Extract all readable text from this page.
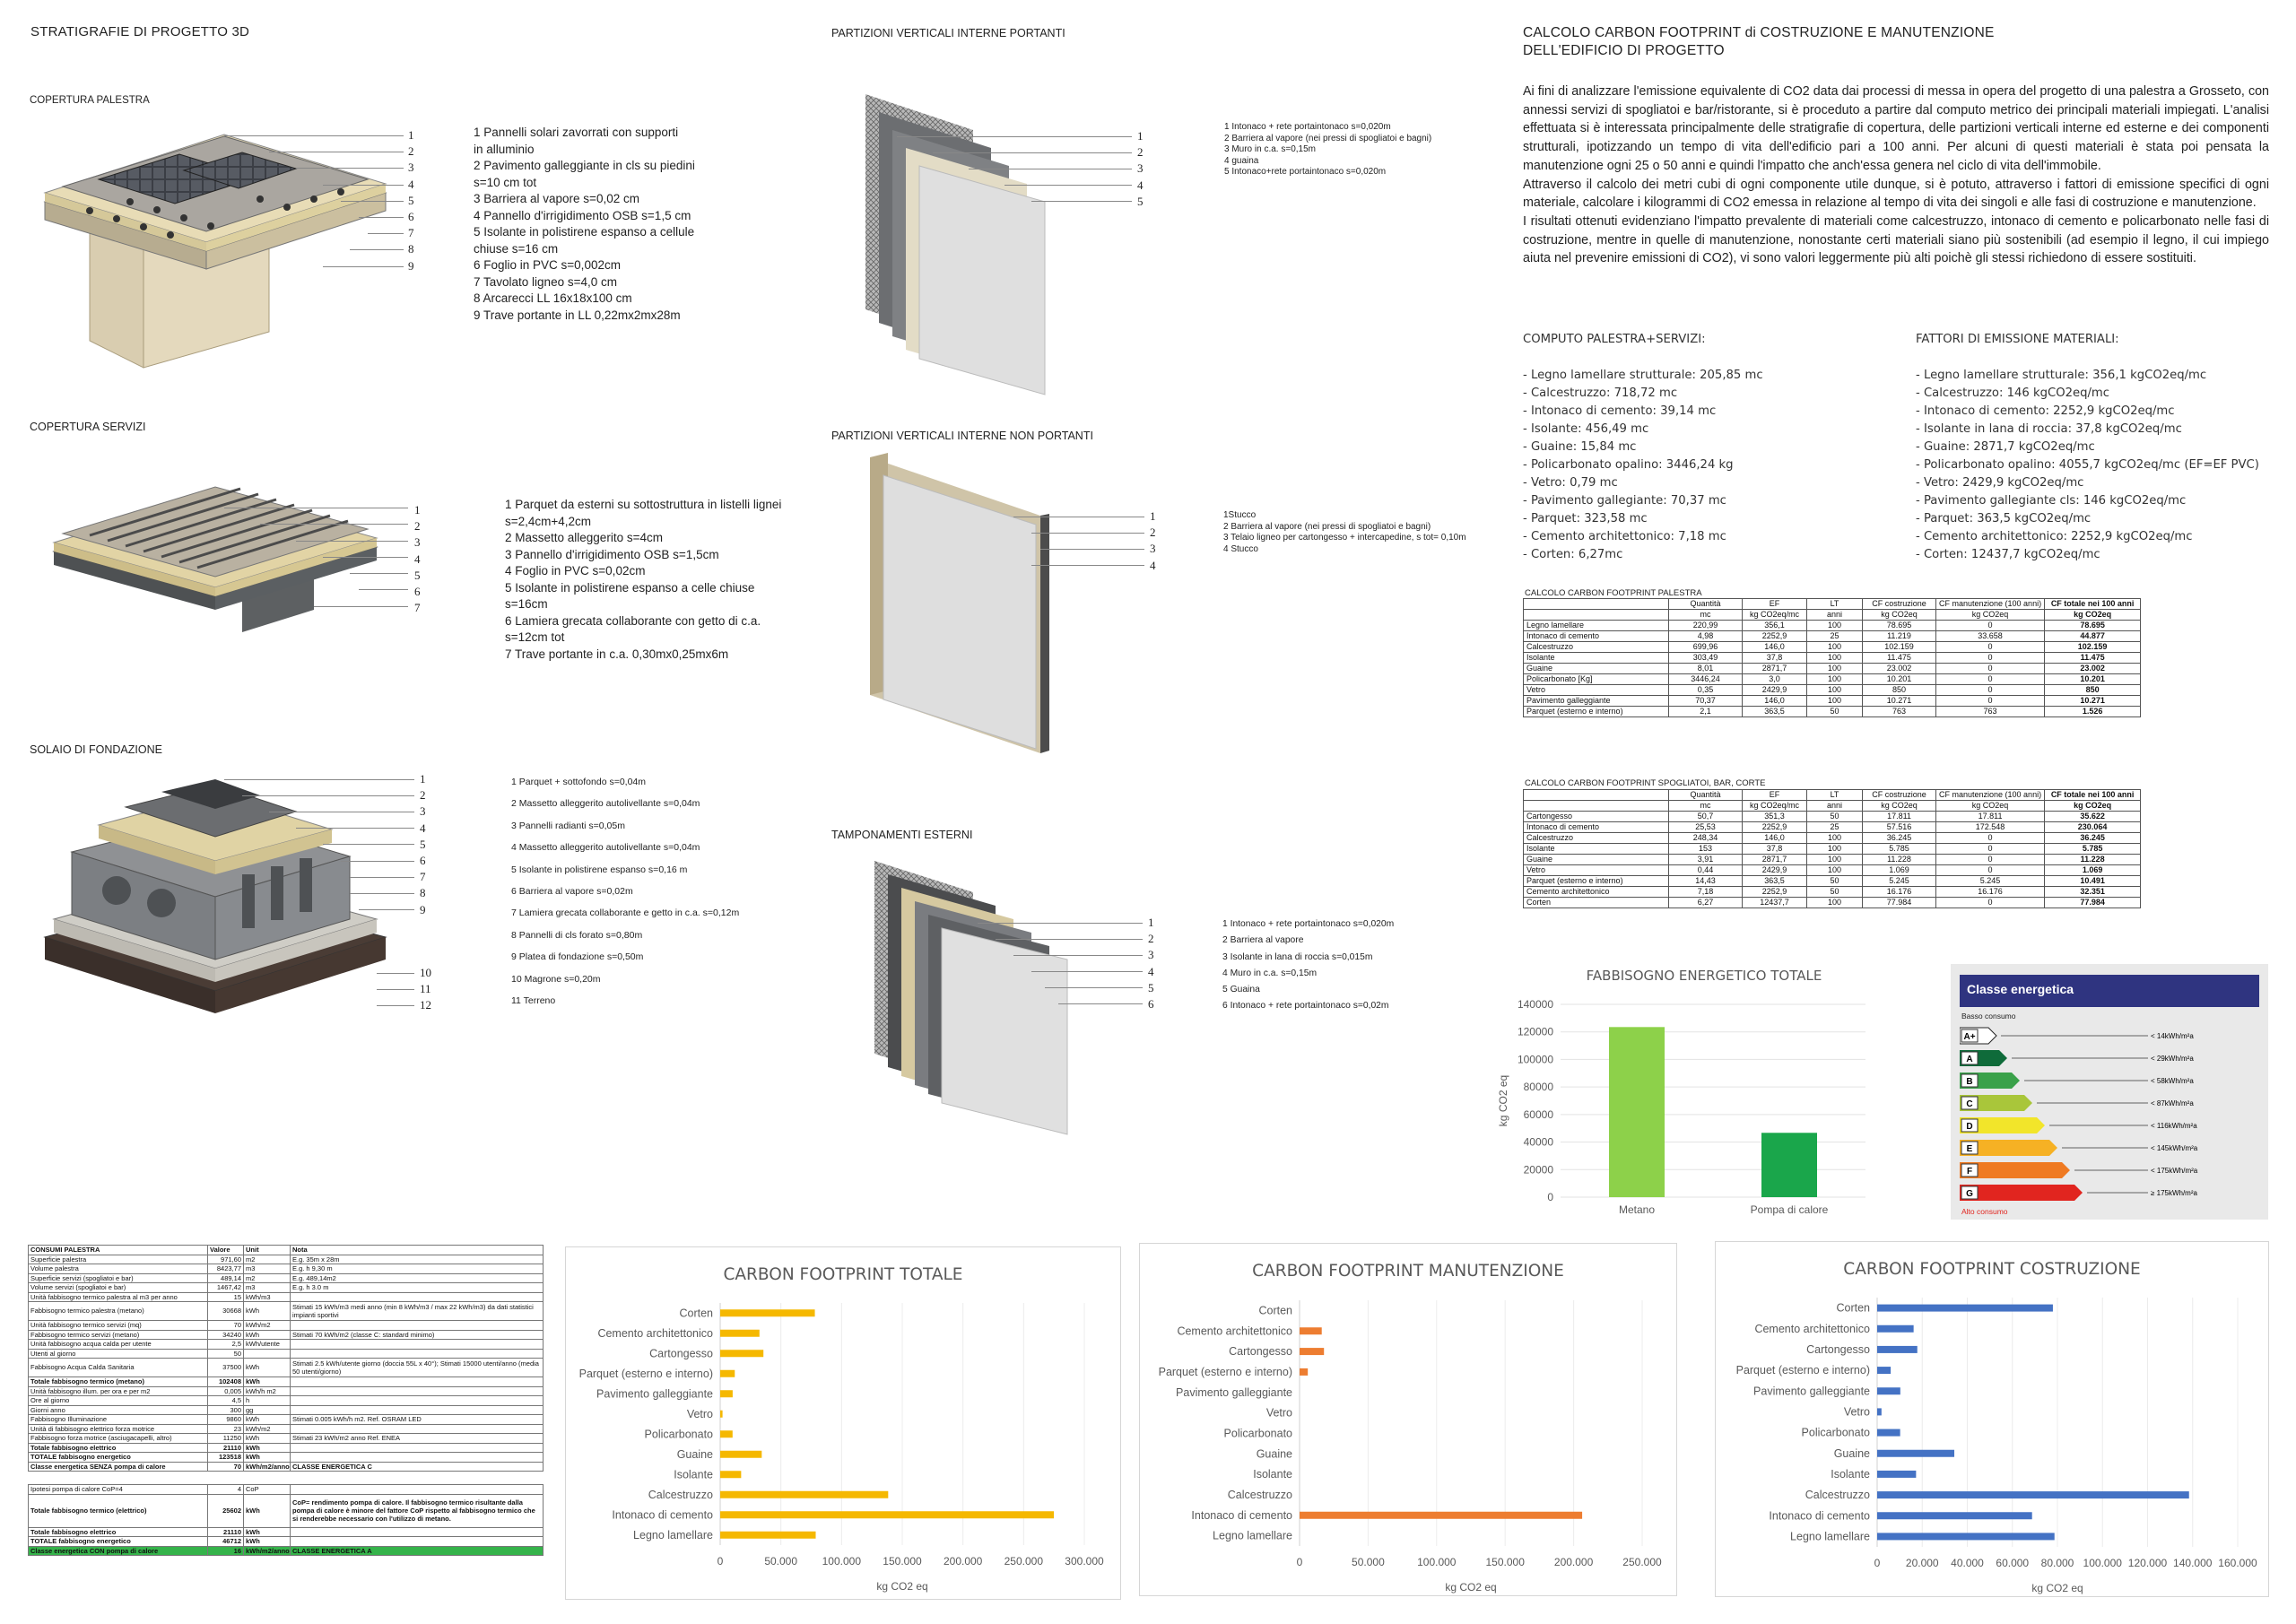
STRATIGRAFIE DI PROGETTO 3D
COPERTURA PALESTRA
1
2
3
4
5
6
7
8
9
1 Pannelli solari zavorrati con supporti
in alluminio
2 Pavimento galleggiante in cls su piedini
s=10 cm tot
3 Barriera al vapore s=0,02 cm
4 Pannello d'irrigidimento OSB s=1,5 cm
5 Isolante in polistirene espanso a cellule
chiuse s=16 cm
6 Foglio in PVC s=0,002cm
7 Tavolato ligneo s=4,0 cm
8 Arcarecci LL 16x18x100 cm
9 Trave portante in LL 0,22mx2mx28m
COPERTURA SERVIZI
1
2
3
4
5
6
7
1 Parquet da esterni su sottostruttura in listelli lignei
s=2,4cm+4,2cm
2 Massetto alleggerito s=4cm
3 Pannello d'irrigidimento OSB s=1,5cm
4 Foglio in PVC s=0,02cm
5 Isolante in polistirene espanso a celle chiuse
s=16cm
6 Lamiera grecata collaborante con getto di c.a.
s=12cm tot
7 Trave portante in c.a. 0,30mx0,25mx6m
SOLAIO DI FONDAZIONE
1
2
3
4
5
6
7
8
9
10
11
12
1 Parquet + sottofondo s=0,04m
2 Massetto alleggerito autolivellante s=0,04m
3 Pannelli radianti s=0,05m
4 Massetto alleggerito autolivellante s=0,04m
5 Isolante in polistirene espanso s=0,16 m
6 Barriera al vapore s=0,02m
7 Lamiera grecata collaborante e getto in c.a. s=0,12m
8 Pannelli di cls forato s=0,80m
9 Platea di fondazione s=0,50m
10 Magrone s=0,20m
11 Terreno
PARTIZIONI VERTICALI INTERNE PORTANTI
1
2
3
4
5
1 Intonaco + rete portaintonaco s=0,020m
2 Barriera al vapore (nei pressi di spogliatoi e bagni)
3 Muro in c.a. s=0,15m
4 guaina
5 Intonaco+rete portaintonaco s=0,020m
PARTIZIONI VERTICALI INTERNE NON PORTANTI
1
2
3
4
1Stucco
2 Barriera al vapore (nei pressi di spogliatoi e bagni)
3 Telaio ligneo per cartongesso + intercapedine, s tot= 0,10m
4 Stucco
TAMPONAMENTI ESTERNI
1
2
3
4
5
6
1 Intonaco + rete portaintonaco s=0,020m
2 Barriera al vapore
3 Isolante in lana di roccia s=0,015m
4 Muro in c.a. s=0,15m
5 Guaina
6 Intonaco + rete portaintonaco s=0,02m
CALCOLO CARBON FOOTPRINT di COSTRUZIONE E MANUTENZIONE
DELL'EDIFICIO DI PROGETTO

Ai fini di analizzare l'emissione equivalente di CO2 data dai processi di messa in opera del progetto di una palestra a Grosseto, con annessi servizi di spogliatoi e bar/ristorante, si è proceduto a partire dal computo metrico dei principali materiali impiegati. L'analisi effettuata si è interessata principalmente delle stratigrafie di copertura, delle partizioni verticali interne ed esterne e dei componenti strutturali, ipotizzando un tempo di vita dell'edificio pari a 100 anni. Per alcuni di questi materiali è stata poi pensata la manutenzione ogni 25 o 50 anni e quindi l'impatto che anch'essa genera nel ciclo di vita dell'immobile.

Attraverso il calcolo dei metri cubi di ogni componente utile dunque, si è potuto, attraverso i fattori di emissione specifici di ogni materiale, calcolare i kilogrammi di CO2 emessa in relazione al tempo di vita dei singoli e alle fasi di costruzione e manutenzione.

I risultati ottenuti evidenziano l'impatto prevalente di materiali come calcestruzzo, intonaco di cemento e policarbonato nelle fasi di costruzione, mentre in quelle di manutenzione, nonostante certi materiali siano più sostenibili (ad esempio il legno, il cui impiego aiuta nel prevenire emissioni di CO2), vi sono valori leggermente più alti poichè gli stessi richiedono di essere sostituiti.

COMPUTO PALESTRA+SERVIZI:
- Legno lamellare strutturale: 205,85 mc
- Calcestruzzo: 718,72 mc
- Intonaco di cemento: 39,14 mc
- Isolante: 456,49 mc
- Guaine: 15,84 mc
- Policarbonato opalino: 3446,24 kg
- Vetro: 0,79 mc
- Pavimento gallegiante: 70,37 mc
- Parquet: 323,58 mc
- Cemento architettonico: 7,18 mc
- Corten: 6,27mc
FATTORI DI EMISSIONE MATERIALI:
- Legno lamellare strutturale: 356,1 kgCO2eq/mc
- Calcestruzzo: 146 kgCO2eq/mc
- Intonaco di cemento: 2252,9 kgCO2eq/mc
- Isolante in lana di roccia: 37,8 kgCO2eq/mc
- Guaine: 2871,7 kgCO2eq/mc
- Policarbonato opalino: 4055,7 kgCO2eq/mc (EF=EF PVC)
- Vetro: 2429,9 kgCO2eq/mc
- Pavimento gallegiante cls: 146 kgCO2eq/mc
- Parquet: 363,5 kgCO2eq/mc
- Cemento architettonico: 2252,9 kgCO2eq/mc
- Corten: 12437,7 kgCO2eq/mc
CALCOLO CARBON FOOTPRINT PALESTRA
	Quantità	EF	LT	CF costruzione	CF manutenzione (100 anni)	CF totale nei 100 anni
	mc	kg CO2eq/mc	anni	kg CO2eq	kg CO2eq	kg CO2eq
Legno lamellare	220,99	356,1	100	78.695	0	78.695
Intonaco di cemento	4,98	2252,9	25	11.219	33.658	44.877
Calcestruzzo	699,96	146,0	100	102.159	0	102.159
Isolante	303,49	37,8	100	11.475	0	11.475
Guaine	8,01	2871,7	100	23.002	0	23.002
Policarbonato [Kg]	3446,24	3,0	100	10.201	0	10.201
Vetro	0,35	2429,9	100	850	0	850
Pavimento galleggiante	70,37	146,0	100	10.271	0	10.271
Parquet (esterno e interno)	2,1	363,5	50	763	763	1.526
CALCOLO CARBON FOOTPRINT SPOGLIATOI, BAR, CORTE
	Quantità	EF	LT	CF costruzione	CF manutenzione (100 anni)	CF totale nei 100 anni
	mc	kg CO2eq/mc	anni	kg CO2eq	kg CO2eq	kg CO2eq
Cartongesso	50,7	351,3	50	17.811	17.811	35.622
Intonaco di cemento	25,53	2252,9	25	57.516	172.548	230.064
Calcestruzzo	248,34	146,0	100	36.245	0	36.245
Isolante	153	37,8	100	5.785	0	5.785
Guaine	3,91	2871,7	100	11.228	0	11.228
Vetro	0,44	2429,9	100	1.069	0	1.069
Parquet (esterno e interno)	14,43	363,5	50	5.245	5.245	10.491
Cemento architettonico	7,18	2252,9	50	16.176	16.176	32.351
Corten	6,27	12437,7	100	77.984	0	77.984
FABBISOGNO ENERGETICO TOTALE
0
20000
40000
60000
80000
100000
120000
140000
kg CO2 eq
Metano	Pompa di calore
Classe energetica
Basso consumo
A+	< 14kWh/m²a
A	< 29kWh/m²a
B	< 58kWh/m²a
C	< 87kWh/m²a
D	< 116kWh/m²a
E	< 145kWh/m²a
F	< 175kWh/m²a
G	≥ 175kWh/m²a
Alto consumo
CONSUMI PALESTRA	Valore	Unit	Nota
Superficie palestra	971,60	m2	E.g. 35m x 28m
Volume palestra	8423,77	m3	E.g. h 9,30 m
Superficie servizi (spogliatoi e bar)	489,14	m2	E.g. 489,14m2
Volume servizi (spogliatoi e bar)	1467,42	m3	E.g. h 3.0 m
Unità fabbisogno termico palestra al m3 per anno	15	kWh/m3	
Fabbisogno termico palestra (metano)	30668	kWh	Stimati 15 kWh/m3 medi anno (min 8 kWh/m3 / max 22 kWh/m3) da dati statistici impianti sportivi
Unità fabbisogno termico servizi (mq)	70	kWh/m2	
Fabbisogno termico servizi (metano)	34240	kWh	Stimati 70 kWh/m2 (classe C: standard minimo)
Unità fabbisogno acqua calda per utente	2,5	kWh/utente	
Utenti al giorno	50		
Fabbisogno Acqua Calda Sanitaria	37500	kWh	Stimati 2.5 kWh/utente giorno (doccia 55L x 40°); Stimati 15000 utenti/anno (media 50 utenti/giorno)
Totale fabbisogno termico (metano)	102408	kWh	
Unità fabbisogno illum. per ora e per m2	0,005	kWh/h m2	
Ore al giorno	4,5	h	
Giorni anno	300	gg	
Fabbisogno Illuminazione	9860	kWh	Stimati 0.005 kWh/h m2. Ref. OSRAM LED
Unità di fabbisogno elettrico forza motrice	23	kWh/m2	
Fabbisogno forza motrice (asciugacapelli, altro)	11250	kWh	Stimati 23 kWh/m2 anno Ref. ENEA
Totale fabbisogno elettrico	21110	kWh	
TOTALE fabbisogno energetico	123518	kWh	
Classe energetica SENZA pompa di calore	70	kWh/m2/anno	CLASSE ENERGETICA C
Ipotesi pompa di calore CoP=4	4	CoP	
Totale fabbisogno termico (elettrico)	25602	kWh	CoP= rendimento pompa di calore. Il fabbisogno termico risultante dalla pompa di calore è minore del fattore CoP rispetto al fabbisogno termico che si renderebbe necessario con l'utilizzo di metano.
Totale fabbisogno elettrico	21110	kWh	
TOTALE fabbisogno energetico	46712	kWh	
Classe energetica CON pompa di calore	16	kWh/m2/anno	CLASSE ENERGETICA A
CARBON FOOTPRINT TOTALE
0	50.000 100.000 150.000 200.000 250.000 300.000
Corten
Cemento architettonico
Cartongesso
Parquet (esterno e interno)
Pavimento galleggiante
Vetro
Policarbonato
Guaine
Isolante
Calcestruzzo
Intonaco di cemento
Legno lamellare
kg CO2 eq
CARBON FOOTPRINT MANUTENZIONE
0	50.000	100.000	150.000	200.000	250.000
Corten
Cemento architettonico
Cartongesso
Parquet (esterno e interno)
Pavimento galleggiante
Vetro
Policarbonato
Guaine
Isolante
Calcestruzzo
Intonaco di cemento
Legno lamellare
kg CO2 eq
CARBON FOOTPRINT COSTRUZIONE
0 20.000 40.000 60.000 80.000 100.000 120.000 140.000 160.000
Corten
Cemento architettonico
Cartongesso
Parquet (esterno e interno)
Pavimento galleggiante
Vetro
Policarbonato
Guaine
Isolante
Calcestruzzo
Intonaco di cemento
Legno lamellare
kg CO2 eq
